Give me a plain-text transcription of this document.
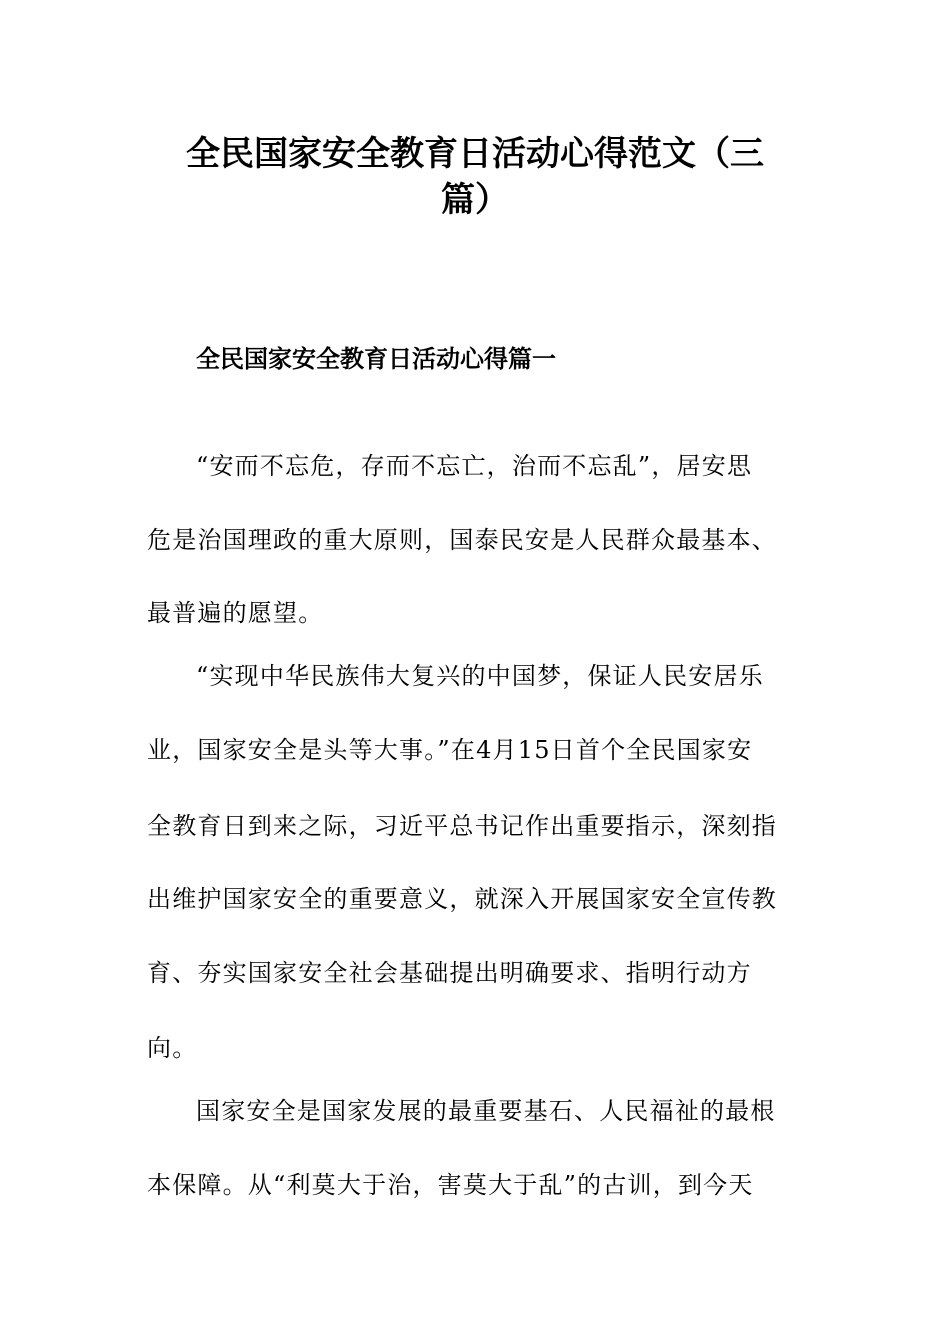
全民国家安全教育日活动心得范文（三
篇）
全民国家安全教育日活动心得篇一

“安而不忘危，存而不忘亡，治而不忘乱”，居安思

危是治国理政的重大原则，国泰民安是人民群众最基本、

最普遍的愿望。

“实现中华民族伟大复兴的中国梦，保证人民安居乐

业，国家安全是头等大事。”在4月15日首个全民国家安

全教育日到来之际，习近平总书记作出重要指示，深刻指

出维护国家安全的重要意义，就深入开展国家安全宣传教

育、夯实国家安全社会基础提出明确要求、指明行动方

向。

国家安全是国家发展的最重要基石、人民福祉的最根

本保障。从“利莫大于治，害莫大于乱”的古训，到今天
